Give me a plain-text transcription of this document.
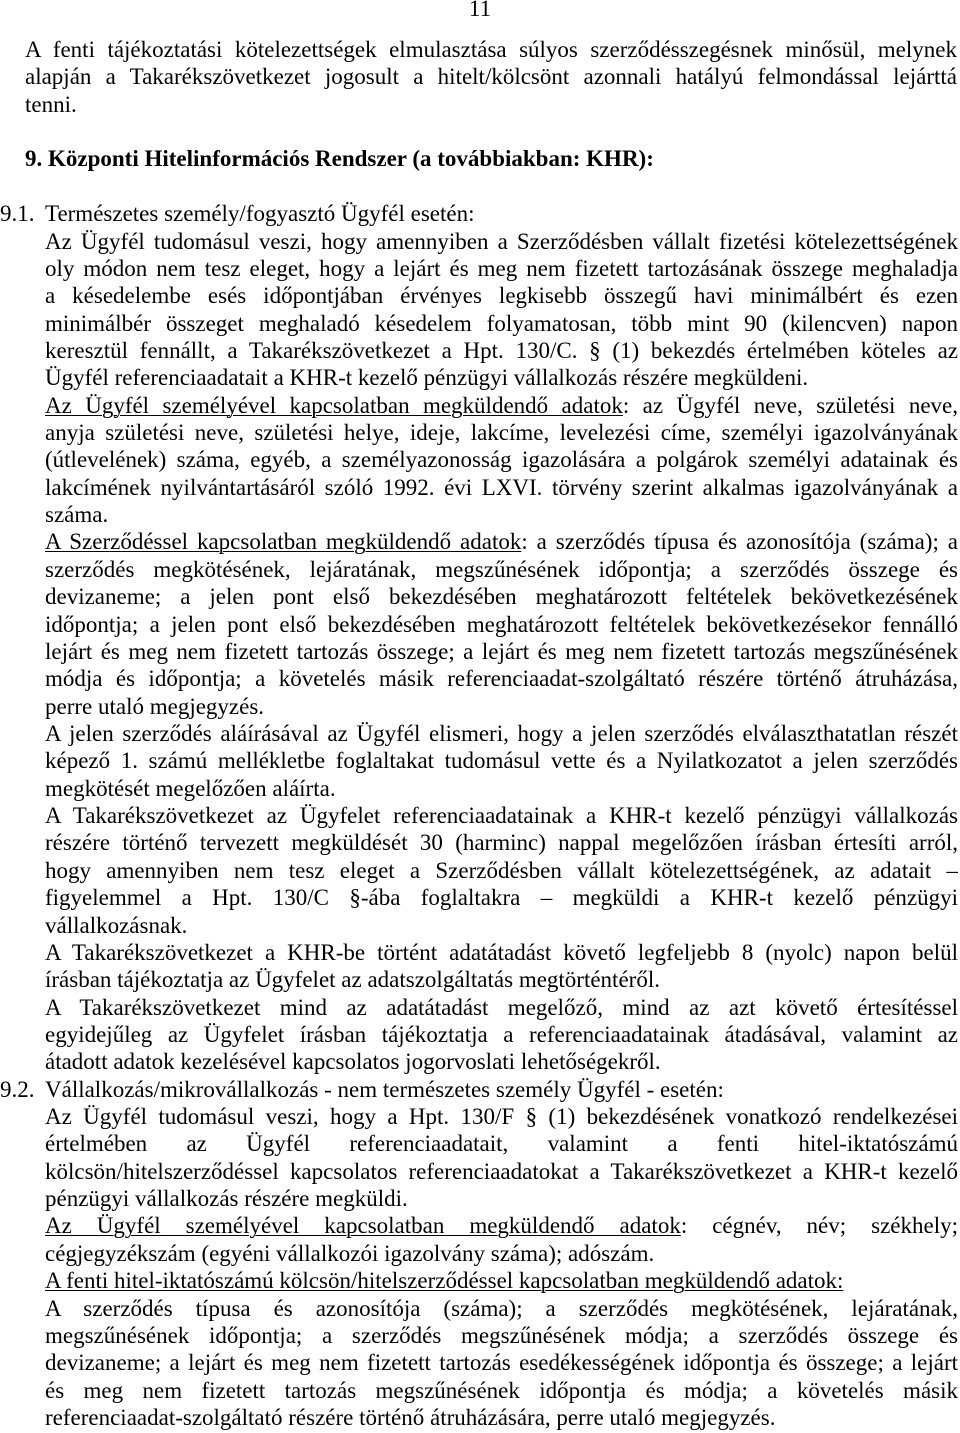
11
A fenti tájékoztatási kötelezettségek elmulasztása súlyos szerződésszegésnek minősül, melynek
alapján a Takarékszövetkezet jogosult a hitelt/kölcsönt azonnali hatályú felmondással lejárttá
tenni.
9. Központi Hitelinformációs Rendszer (a továbbiakban: KHR):
9.1. Természetes személy/fogyasztó Ügyfél esetén:
Az Ügyfél tudomásul veszi, hogy amennyiben a Szerződésben vállalt fizetési kötelezettségének
oly módon nem tesz eleget, hogy a lejárt és meg nem fizetett tartozásának összege meghaladja
a késedelembe esés időpontjában érvényes legkisebb összegű havi minimálbért és ezen
minimálbér összeget meghaladó késedelem folyamatosan, több mint 90 (kilencven) napon
keresztül fennállt, a Takarékszövetkezet a Hpt. 130/C. § (1) bekezdés értelmében köteles az
Ügyfél referenciaadatait a KHR-t kezelő pénzügyi vállalkozás részére megküldeni.
Az Ügyfél személyével kapcsolatban megküldendő adatok: az Ügyfél neve, születési neve,
anyja születési neve, születési helye, ideje, lakcíme, levelezési címe, személyi igazolványának
(útlevelének) száma, egyéb, a személyazonosság igazolására a polgárok személyi adatainak és
lakcímének nyilvántartásáról szóló 1992. évi LXVI. törvény szerint alkalmas igazolványának a
száma.
A Szerződéssel kapcsolatban megküldendő adatok: a szerződés típusa és azonosítója (száma); a
szerződés megkötésének, lejáratának, megszűnésének időpontja; a szerződés összege és
devizaneme; a jelen pont első bekezdésében meghatározott feltételek bekövetkezésének
időpontja; a jelen pont első bekezdésében meghatározott feltételek bekövetkezésekor fennálló
lejárt és meg nem fizetett tartozás összege; a lejárt és meg nem fizetett tartozás megszűnésének
módja és időpontja; a követelés másik referenciaadat-szolgáltató részére történő átruházása,
perre utaló megjegyzés.
A jelen szerződés aláírásával az Ügyfél elismeri, hogy a jelen szerződés elválaszthatatlan részét
képező 1. számú mellékletbe foglaltakat tudomásul vette és a Nyilatkozatot a jelen szerződés
megkötését megelőzően aláírta.
A Takarékszövetkezet az Ügyfelet referenciaadatainak a KHR-t kezelő pénzügyi vállalkozás
részére történő tervezett megküldését 30 (harminc) nappal megelőzően írásban értesíti arról,
hogy amennyiben nem tesz eleget a Szerződésben vállalt kötelezettségének, az adatait –
figyelemmel a Hpt. 130/C §-ába foglaltakra – megküldi a KHR-t kezelő pénzügyi
vállalkozásnak.
A Takarékszövetkezet a KHR-be történt adatátadást követő legfeljebb 8 (nyolc) napon belül
írásban tájékoztatja az Ügyfelet az adatszolgáltatás megtörténtéről.
A Takarékszövetkezet mind az adatátadást megelőző, mind az azt követő értesítéssel
egyidejűleg az Ügyfelet írásban tájékoztatja a referenciaadatainak átadásával, valamint az
átadott adatok kezelésével kapcsolatos jogorvoslati lehetőségekről.
9.2. Vállalkozás/mikrovállalkozás - nem természetes személy Ügyfél - esetén:
Az Ügyfél tudomásul veszi, hogy a Hpt. 130/F § (1) bekezdésének vonatkozó rendelkezései
értelmében az Ügyfél referenciaadatait, valamint a fenti hitel-iktatószámú
kölcsön/hitelszerződéssel kapcsolatos referenciaadatokat a Takarékszövetkezet a KHR-t kezelő
pénzügyi vállalkozás részére megküldi.
Az Ügyfél személyével kapcsolatban megküldendő adatok: cégnév, név; székhely;
cégjegyzékszám (egyéni vállalkozói igazolvány száma); adószám.
A fenti hitel-iktatószámú kölcsön/hitelszerződéssel kapcsolatban megküldendő adatok:
A szerződés típusa és azonosítója (száma); a szerződés megkötésének, lejáratának,
megszűnésének időpontja; a szerződés megszűnésének módja; a szerződés összege és
devizaneme; a lejárt és meg nem fizetett tartozás esedékességének időpontja és összege; a lejárt
és meg nem fizetett tartozás megszűnésének időpontja és módja; a követelés másik
referenciaadat-szolgáltató részére történő átruházására, perre utaló megjegyzés.
